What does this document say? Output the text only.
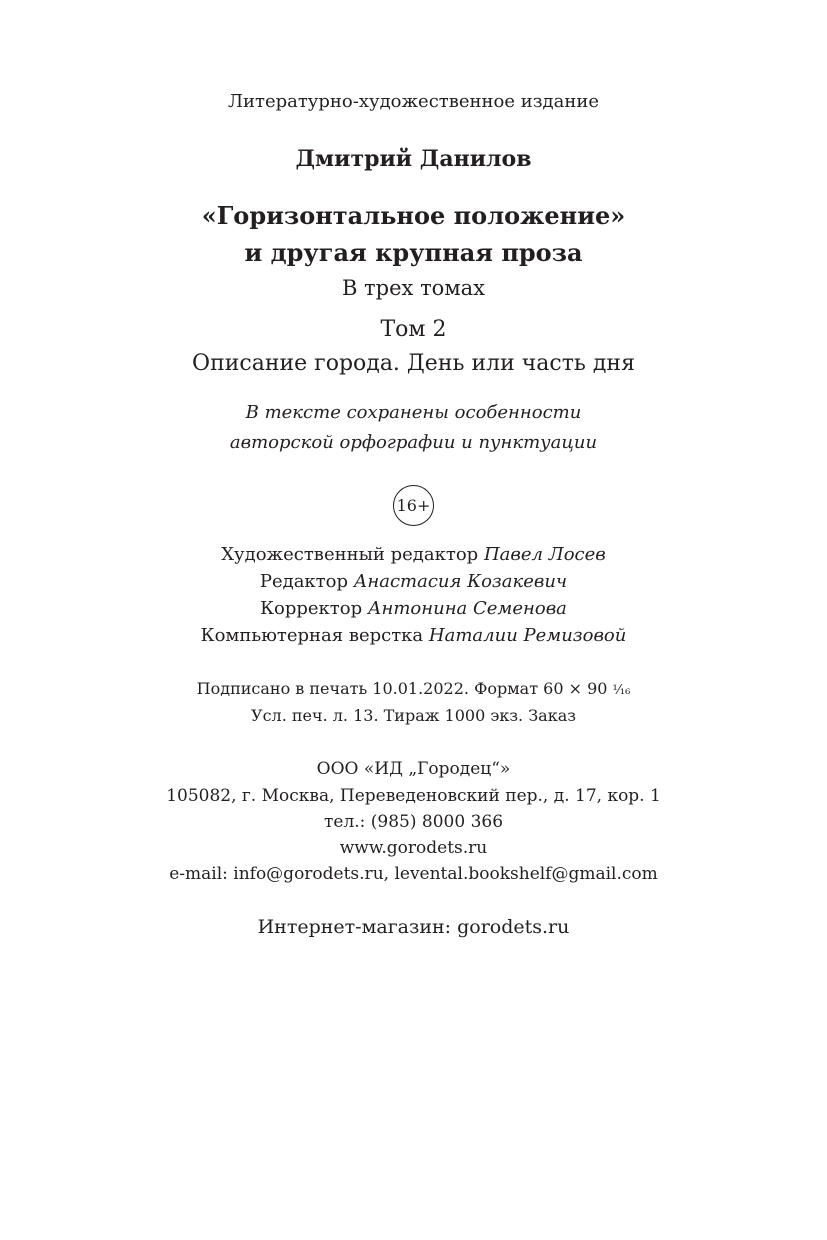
Литературно-художественное издание
Дмитрий Данилов
«Горизонтальное положение»
и другая крупная проза
В трех томах
Том 2
Описание города. День или часть дня
В тексте сохранены особенности
авторской орфографии и пунктуации
16+
Художественный редактор Павел Лосев
Редактор Анастасия Козакевич
Корректор Антонина Семенова
Компьютерная верстка Наталии Ремизовой
Подписано в печать 10.01.2022. Формат 60 × 90 ¹⁄₁₆
Усл. печ. л. 13. Тираж 1000 экз. Заказ
ООО «ИД „Городец“»
105082, г. Москва, Переведеновский пер., д. 17, кор. 1
тел.: (985) 8000 366
www.gorodets.ru
e-mail: info@gorodets.ru, levental.bookshelf@gmail.com
Интернет-магазин: gorodets.ru
